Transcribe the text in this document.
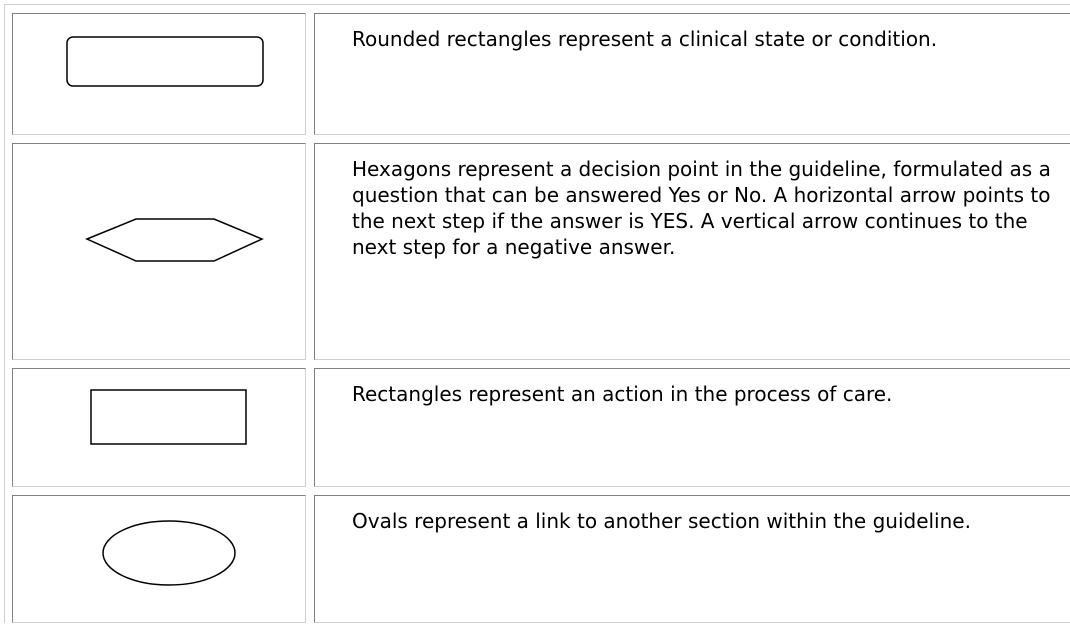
Rounded rectangles represent a clinical state or condition.

Hexagons represent a decision point in the guideline, formulated as a question that can be answered Yes or No. A horizontal arrow points to the next step if the answer is YES. A vertical arrow continues to the next step for a negative answer.

Rectangles represent an action in the process of care.

Ovals represent a link to another section within the guideline.
